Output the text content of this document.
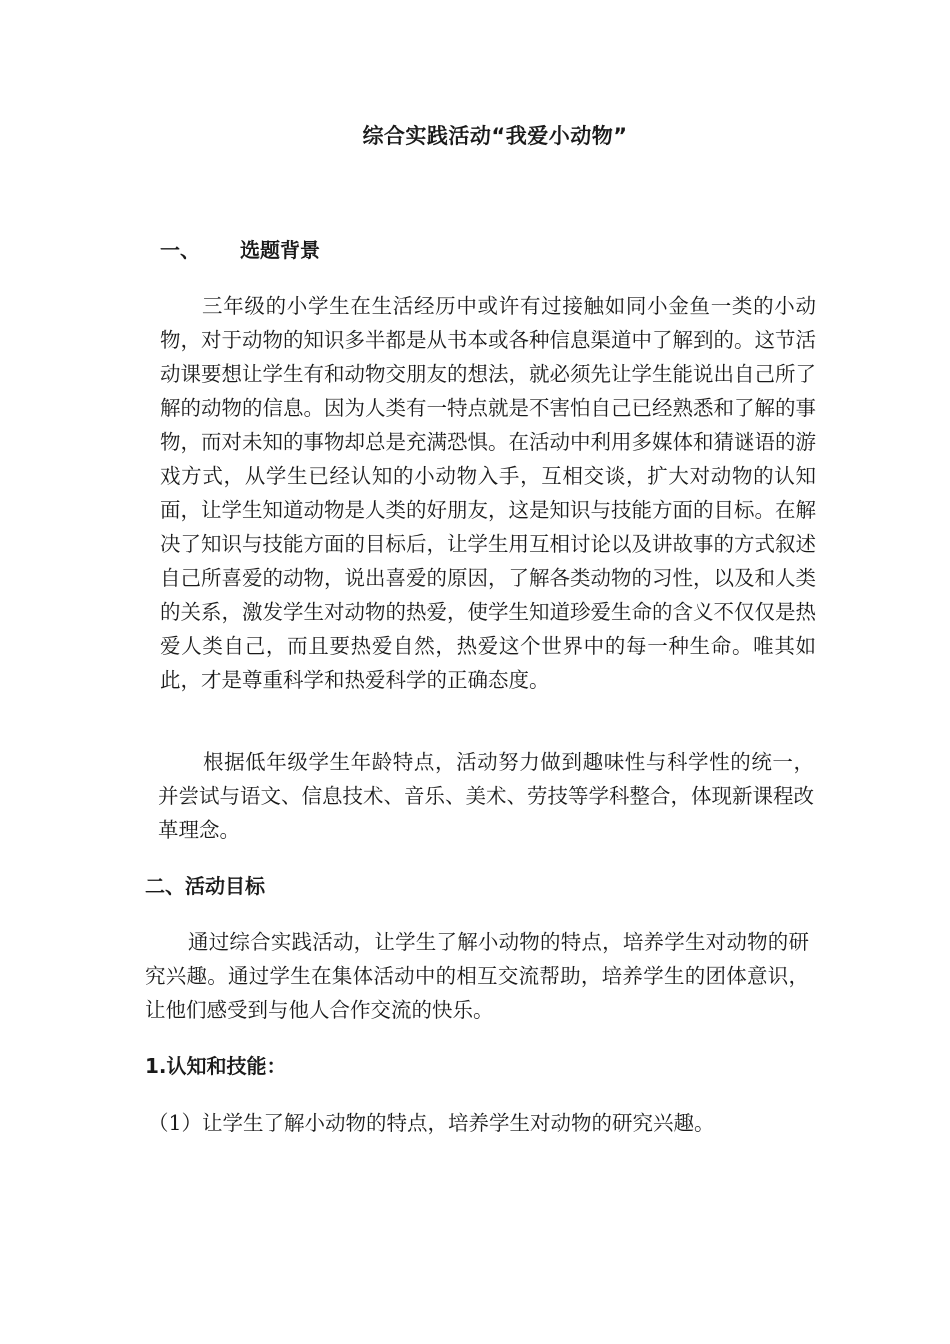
综合实践活动“我爱小动物”
一、 选题背景

三年级的小学生在生活经历中或许有过接触如同小金鱼一类的小动物，对于动物的知识多半都是从书本或各种信息渠道中了解到的。这节活动课要想让学生有和动物交朋友的想法，就必须先让学生能说出自己所了解的动物的信息。因为人类有一特点就是不害怕自己已经熟悉和了解的事物，而对未知的事物却总是充满恐惧。在活动中利用多媒体和猜谜语的游戏方式，从学生已经认知的小动物入手，互相交谈，扩大对动物的认知面，让学生知道动物是人类的好朋友，这是知识与技能方面的目标。在解决了知识与技能方面的目标后，让学生用互相讨论以及讲故事的方式叙述自己所喜爱的动物，说出喜爱的原因，了解各类动物的习性，以及和人类的关系，激发学生对动物的热爱，使学生知道珍爱生命的含义不仅仅是热爱人类自己，而且要热爱自然，热爱这个世界中的每一种生命。唯其如此，才是尊重科学和热爱科学的正确态度。

根据低年级学生年龄特点，活动努力做到趣味性与科学性的统一，并尝试与语文、信息技术、音乐、美术、劳技等学科整合，体现新课程改革理念。

二、活动目标

通过综合实践活动，让学生了解小动物的特点，培养学生对动物的研究兴趣。通过学生在集体活动中的相互交流帮助，培养学生的团体意识，让他们感受到与他人合作交流的快乐。

1.认知和技能：
（1）让学生了解小动物的特点，培养学生对动物的研究兴趣。
